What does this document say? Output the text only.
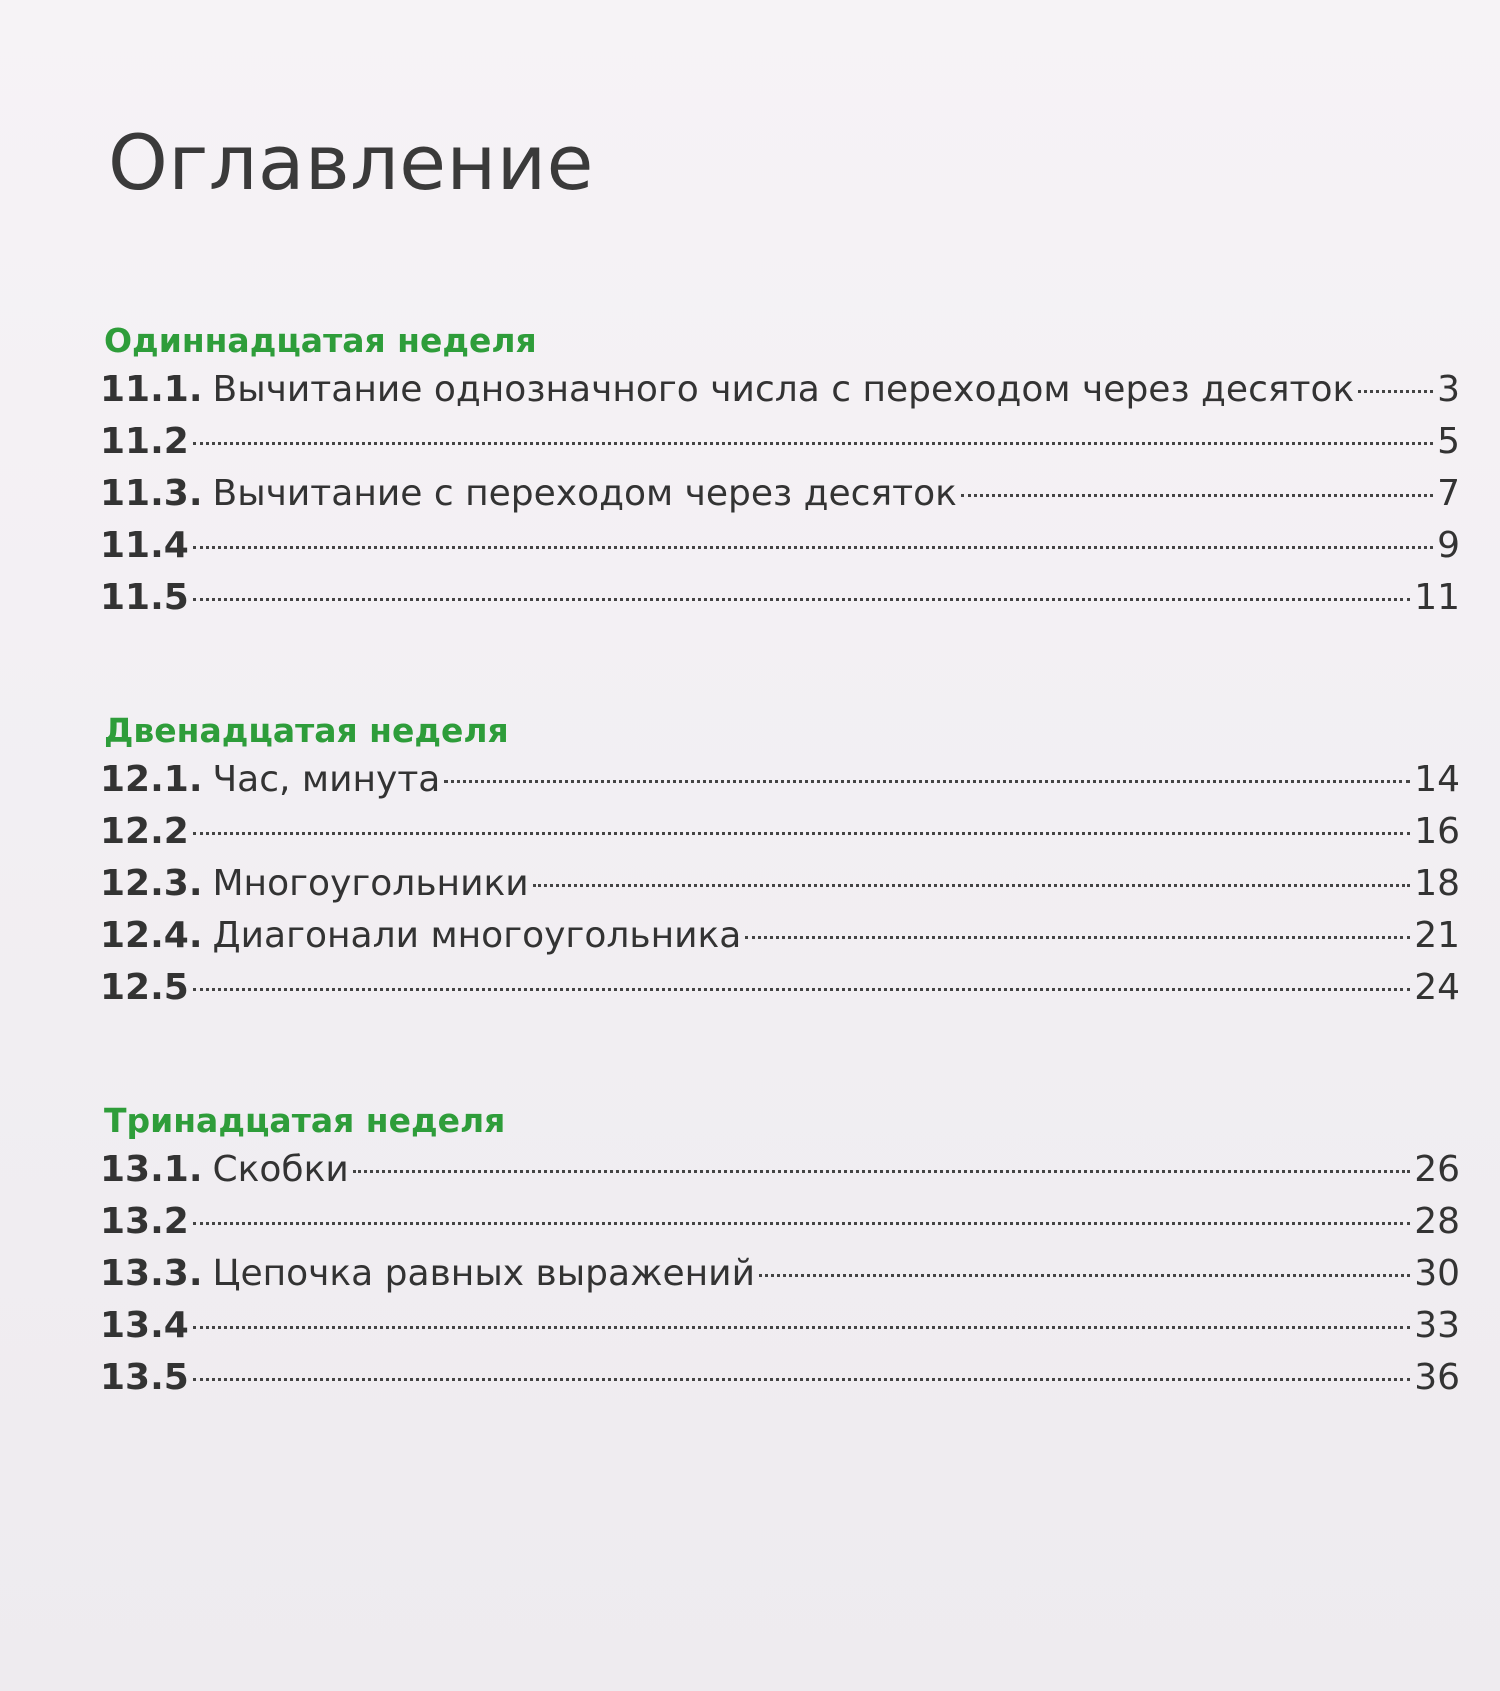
Оглавление
Одиннадцатая неделя
11.1. Вычитание однозначного числа с переходом через десяток 3
11.2	5
11.3. Вычитание с переходом через десяток	7
11.4	9
11.5	11
Двенадцатая неделя
12.1. Час, минута	14
12.2	16
12.3. Многоугольники	18
12.4. Диагонали многоугольника	21
12.5	24
Тринадцатая неделя
13.1. Скобки	26
13.2	28
13.3. Цепочка равных выражений	30
13.4	33
13.5	36
